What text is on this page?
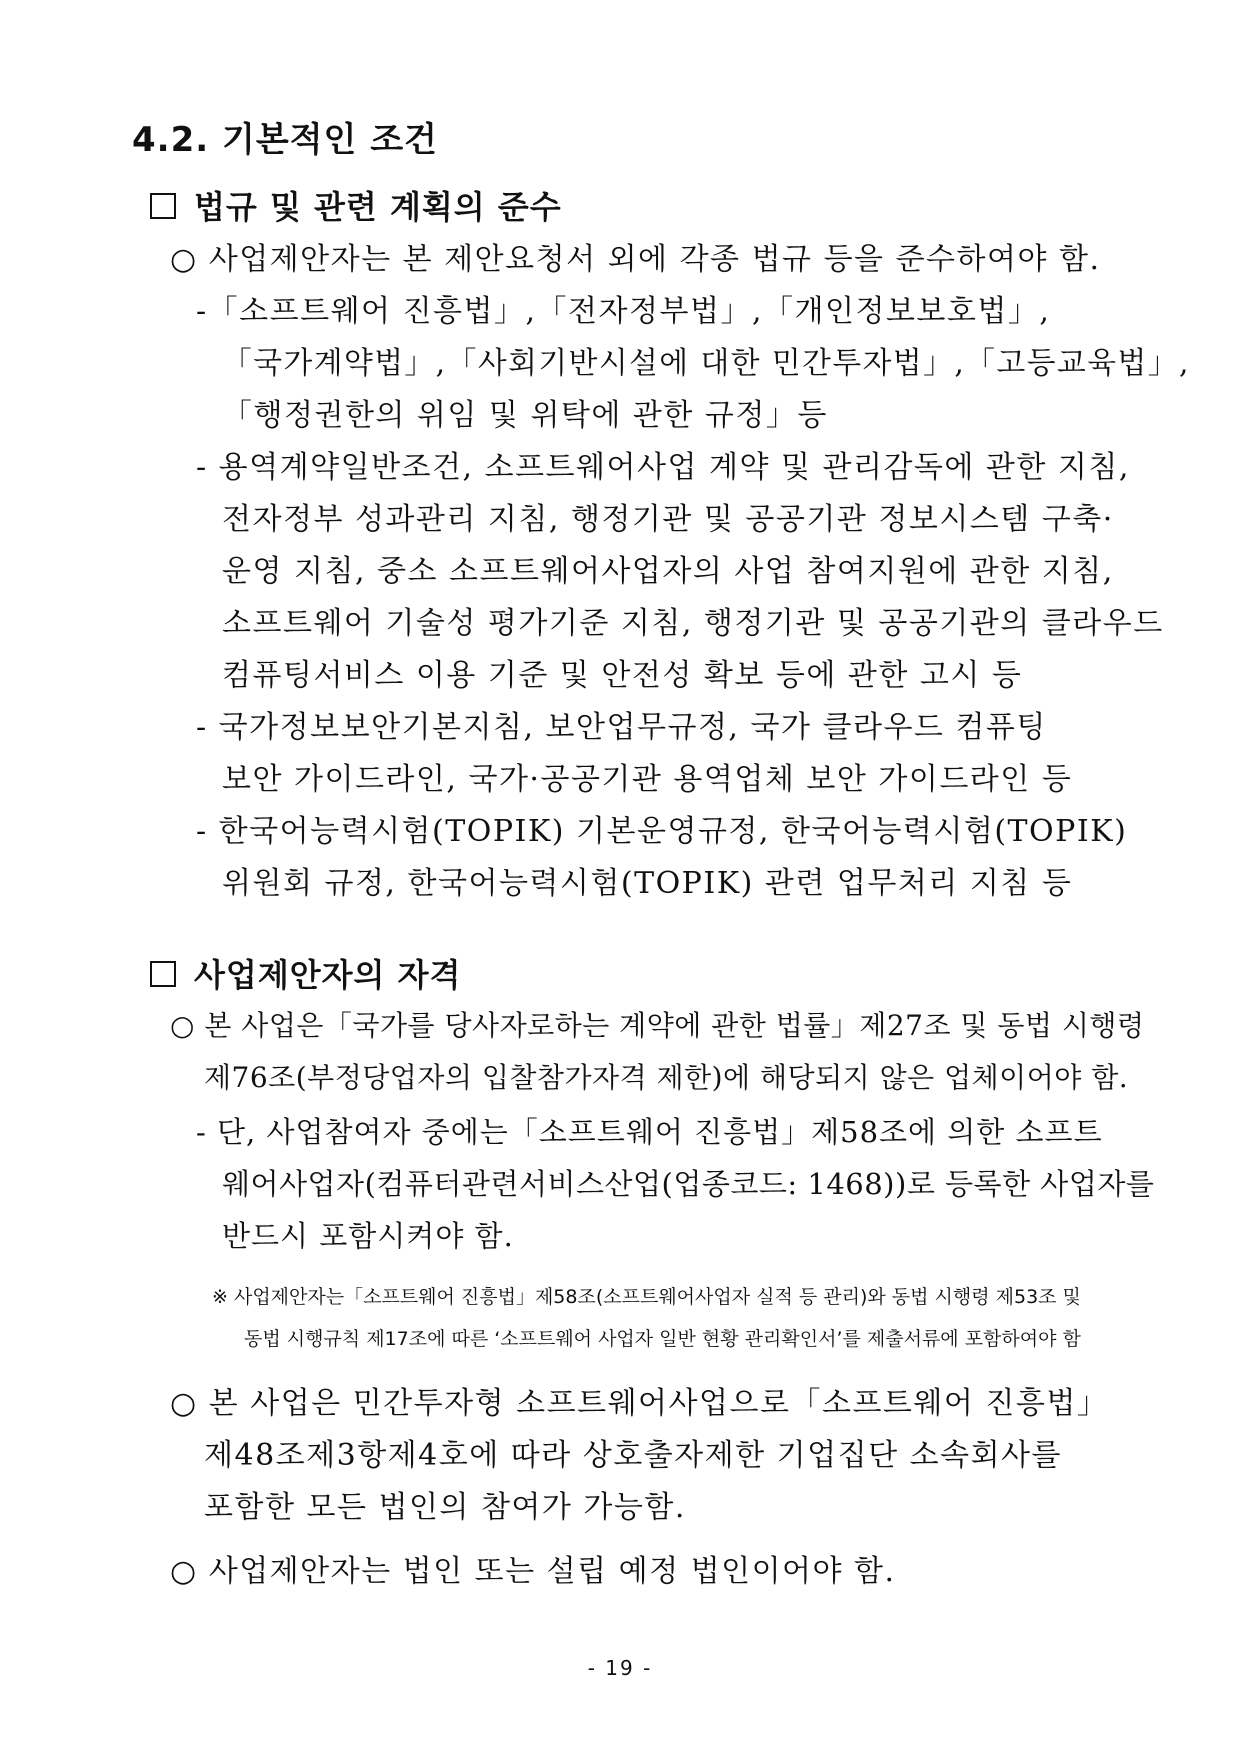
4.2. 기본적인 조건
법규 및 관련 계획의 준수
○ 사업제안자는 본 제안요청서 외에 각종 법규 등을 준수하여야 함.
-「소프트웨어 진흥법」,「전자정부법」,「개인정보보호법」,
「국가계약법」,「사회기반시설에 대한 민간투자법」,「고등교육법」,
「행정권한의 위임 및 위탁에 관한 규정」등
- 용역계약일반조건, 소프트웨어사업 계약 및 관리감독에 관한 지침,
전자정부 성과관리 지침, 행정기관 및 공공기관 정보시스템 구축·
운영 지침, 중소 소프트웨어사업자의 사업 참여지원에 관한 지침,
소프트웨어 기술성 평가기준 지침, 행정기관 및 공공기관의 클라우드
컴퓨팅서비스 이용 기준 및 안전성 확보 등에 관한 고시 등
- 국가정보보안기본지침, 보안업무규정, 국가 클라우드 컴퓨팅
보안 가이드라인, 국가·공공기관 용역업체 보안 가이드라인 등
- 한국어능력시험(TOPIK) 기본운영규정, 한국어능력시험(TOPIK)
위원회 규정, 한국어능력시험(TOPIK) 관련 업무처리 지침 등
사업제안자의 자격
○ 본 사업은「국가를 당사자로하는 계약에 관한 법률」제27조 및 동법 시행령
제76조(부정당업자의 입찰참가자격 제한)에 해당되지 않은 업체이어야 함.
- 단, 사업참여자 중에는「소프트웨어 진흥법」제58조에 의한 소프트
웨어사업자(컴퓨터관련서비스산업(업종코드: 1468))로 등록한 사업자를
반드시 포함시켜야 함.
※ 사업제안자는「소프트웨어 진흥법」제58조(소프트웨어사업자 실적 등 관리)와 동법 시행령 제53조 및
동법 시행규칙 제17조에 따른 ‘소프트웨어 사업자 일반 현황 관리확인서’를 제출서류에 포함하여야 함
○ 본 사업은 민간투자형 소프트웨어사업으로「소프트웨어 진흥법」
제48조제3항제4호에 따라 상호출자제한 기업집단 소속회사를
포함한 모든 법인의 참여가 가능함.
○ 사업제안자는 법인 또는 설립 예정 법인이어야 함.
- 19 -
